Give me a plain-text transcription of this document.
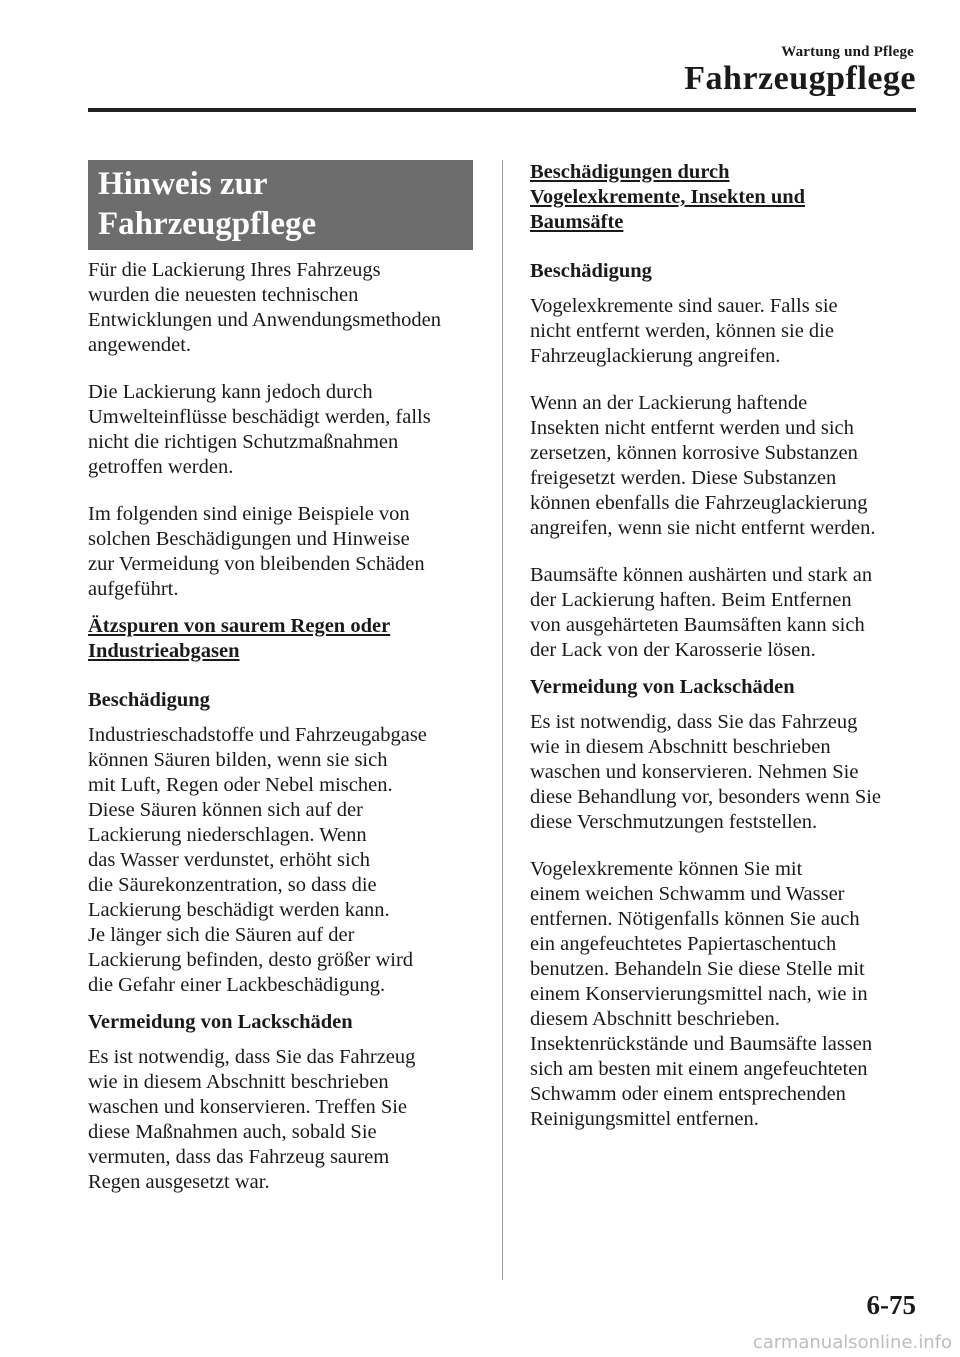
Wartung und Pflege
Fahrzeugpflege
Hinweis zur
Fahrzeugpflege

Für die Lackierung Ihres Fahrzeugs
wurden die neuesten technischen
Entwicklungen und Anwendungsmethoden
angewendet.

Die Lackierung kann jedoch durch
Umwelteinflüsse beschädigt werden, falls
nicht die richtigen Schutzmaßnahmen
getroffen werden.

Im folgenden sind einige Beispiele von
solchen Beschädigungen und Hinweise
zur Vermeidung von bleibenden Schäden
aufgeführt.

Ätzspuren von saurem Regen oder
Industrieabgasen
Beschädigung

Industrieschadstoffe und Fahrzeugabgase
können Säuren bilden, wenn sie sich
mit Luft, Regen oder Nebel mischen.
Diese Säuren können sich auf der
Lackierung niederschlagen. Wenn
das Wasser verdunstet, erhöht sich
die Säurekonzentration, so dass die
Lackierung beschädigt werden kann.
Je länger sich die Säuren auf der
Lackierung befinden, desto größer wird
die Gefahr einer Lackbeschädigung.

Vermeidung von Lackschäden

Es ist notwendig, dass Sie das Fahrzeug
wie in diesem Abschnitt beschrieben
waschen und konservieren. Treffen Sie
diese Maßnahmen auch, sobald Sie
vermuten, dass das Fahrzeug saurem
Regen ausgesetzt war.

Beschädigungen durch
Vogelexkremente, Insekten und
Baumsäfte
Beschädigung

Vogelexkremente sind sauer. Falls sie
nicht entfernt werden, können sie die
Fahrzeuglackierung angreifen.

Wenn an der Lackierung haftende
Insekten nicht entfernt werden und sich
zersetzen, können korrosive Substanzen
freigesetzt werden. Diese Substanzen
können ebenfalls die Fahrzeuglackierung
angreifen, wenn sie nicht entfernt werden.

Baumsäfte können aushärten und stark an
der Lackierung haften. Beim Entfernen
von ausgehärteten Baumsäften kann sich
der Lack von der Karosserie lösen.

Vermeidung von Lackschäden

Es ist notwendig, dass Sie das Fahrzeug
wie in diesem Abschnitt beschrieben
waschen und konservieren. Nehmen Sie
diese Behandlung vor, besonders wenn Sie
diese Verschmutzungen feststellen.

Vogelexkremente können Sie mit
einem weichen Schwamm und Wasser
entfernen. Nötigenfalls können Sie auch
ein angefeuchtetes Papiertaschentuch
benutzen. Behandeln Sie diese Stelle mit
einem Konservierungsmittel nach, wie in
diesem Abschnitt beschrieben.
Insektenrückstände und Baumsäfte lassen
sich am besten mit einem angefeuchteten
Schwamm oder einem entsprechenden
Reinigungsmittel entfernen.

6-75
carmanualsonline.info
